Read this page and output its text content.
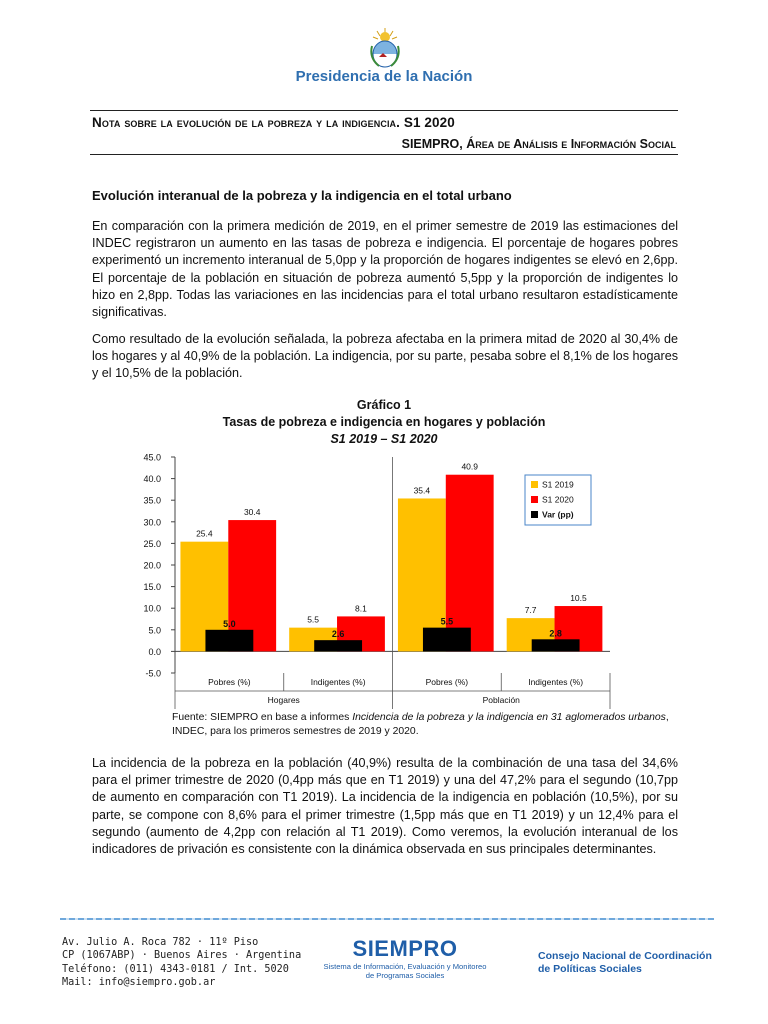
Presidencia de la Nación
Nota sobre la evolución de la pobreza y la indigencia. S1 2020
SIEMPRO, Área de Análisis e Información Social
Evolución interanual de la pobreza y la indigencia en el total urbano
En comparación con la primera medición de 2019, en el primer semestre de 2019 las estimaciones del INDEC registraron un aumento en las tasas de pobreza e indigencia. El porcentaje de hogares pobres experimentó un incremento interanual de 5,0pp y la proporción de hogares indigentes se elevó en 2,6pp. El porcentaje de la población en situación de pobreza aumentó 5,5pp y la proporción de indigentes lo hizo en 2,8pp. Todas las variaciones en las incidencias para el total urbano resultaron estadísticamente significativas.
Como resultado de la evolución señalada, la pobreza afectaba en la primera mitad de 2020 al 30,4% de los hogares y al 40,9% de la población. La indigencia, por su parte, pesaba sobre el 8,1% de los hogares y el 10,5% de la población.
Gráfico 1
Tasas de pobreza e indigencia en hogares y población
S1 2019 – S1 2020
45.0
40.0
35.0
30.0
25.0
20.0
15.0
10.0
5.0
0.0
-5.0
25.4
30.4
5.0	5.5
8.1
2.6
35.4
40.9
5.5
7.7
10.5
2.8
Pobres (%)	Indigentes (%)	Pobres (%)	Indigentes (%)
Hogares	Población
S1 2019
S1 2020
Var (pp)
Fuente: SIEMPRO en base a informes Incidencia de la pobreza y la indigencia en 31 aglomerados urbanos, INDEC, para los primeros semestres de 2019 y 2020.
La incidencia de la pobreza en la población (40,9%) resulta de la combinación de una tasa del 34,6% para el primer trimestre de 2020 (0,4pp más que en T1 2019) y una del 47,2% para el segundo (10,7pp de aumento en comparación con T1 2019). La incidencia de la indigencia en población (10,5%), por su parte, se compone con 8,6% para el primer trimestre (1,5pp más que en T1 2019) y un 12,4% para el segundo (aumento de 4,2pp con relación al T1 2019). Como veremos, la evolución interanual de los indicadores de privación es consistente con la dinámica observada en sus principales determinantes.
Av. Julio A. Roca 782 · 11º Piso
CP (1067ABP) · Buenos Aires · Argentina
Teléfono: (011) 4343-0181 / Int. 5020
Mail: info@siempro.gob.ar
SIEMPRO
Sistema de Información, Evaluación y Monitoreo
de Programas Sociales
Consejo Nacional de Coordinación
de Políticas Sociales
